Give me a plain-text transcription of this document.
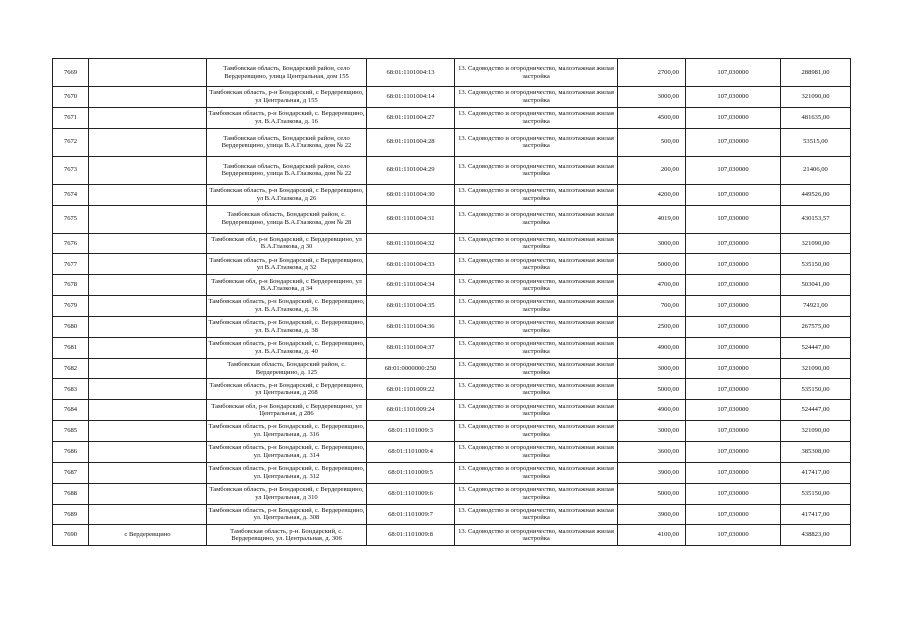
7669		Тамбовская область, Бондарский район, село Вердеревщино, улица Центральная, дом 155	68:01:1101004:13	13. Садоводство и огородничество, малоэтажная жилая застройка	2700,00	107,030000	288981,00
7670		Тамбовская область, р-н Бондарский, с Вердеревщино, ул Центральная, д 155	68:01:1101004:14	13. Садоводство и огородничество, малоэтажная жилая застройка	3000,00	107,030000	321090,00
7671		Тамбовская область, р-н Бондарский, с. Вердеревщино, ул. В.А.Глазкова, д. 16	68:01:1101004:27	13. Садоводство и огородничество, малоэтажная жилая застройка	4500,00	107,030000	481635,00
7672		Тамбовская область, Бондарский район, село Вердеревщино, улица В.А.Глазкова, дом № 22	68:01:1101004:28	13. Садоводство и огородничество, малоэтажная жилая застройка	500,00	107,030000	53515,00
7673		Тамбовская область, Бондарский район, село Вердеревщино, улица В.А.Глазкова, дом № 22	68:01:1101004:29	13. Садоводство и огородничество, малоэтажная жилая застройка	200,00	107,030000	21406,00
7674		Тамбовская область, р-н Бондарский, с Вердеревщино, ул В.А.Глазкова, д 26	68:01:1101004:30	13. Садоводство и огородничество, малоэтажная жилая застройка	4200,00	107,030000	449526,00
7675		Тамбовская область, Бондарский район, с. Вердеревщино, улица В.А.Глазкова, дом № 28	68:01:1101004:31	13. Садоводство и огородничество, малоэтажная жилая застройка	4019,00	107,030000	430153,57
7676		Тамбовская обл, р-н Бондарский, с Вердеревщино, ул В.А.Глазкова, д 30	68:01:1101004:32	13. Садоводство и огородничество, малоэтажная жилая застройка	3000,00	107,030000	321090,00
7677		Тамбовская область, р-н Бондарский, с Вердеревщино, ул В.А.Глазкова, д 32	68:01:1101004:33	13. Садоводство и огородничество, малоэтажная жилая застройка	5000,00	107,030000	535150,00
7678		Тамбовская обл, р-н Бондарский, с Вердеревщино, ул В.А.Глазкова, д 34	68:01:1101004:34	13. Садоводство и огородничество, малоэтажная жилая застройка	4700,00	107,030000	503041,00
7679		Тамбовская область, р-н Бондарский, с. Вердеревщино, ул. В.А.Глазкова, д. 36	68:01:1101004:35	13. Садоводство и огородничество, малоэтажная жилая застройка	700,00	107,030000	74921,00
7680		Тамбовская область, р-н Бондарский, с. Вердеревщино, ул. В.А.Глазкова, д. 38	68:01:1101004:36	13. Садоводство и огородничество, малоэтажная жилая застройка	2500,00	107,030000	267575,00
7681		Тамбовская область, р-н Бондарский, с. Вердеревщино, ул. В.А.Глазкова, д. 40	68:01:1101004:37	13. Садоводство и огородничество, малоэтажная жилая застройка	4900,00	107,030000	524447,00
7682		Тамбовская область, Бондарский район, с. Вердеревщино, д. 125	68:01:0000000:250	13. Садоводство и огородничество, малоэтажная жилая застройка	3000,00	107,030000	321090,00
7683		Тамбовская область, р-н Бондарский, с Вердеревщино, ул Центральная, д 268	68:01:1101009:22	13. Садоводство и огородничество, малоэтажная жилая застройка	5000,00	107,030000	535150,00
7684		Тамбовская обл, р-н Бондарский, с Вердеревщино, ул Центральная, д 286	68:01:1101009:24	13. Садоводство и огородничество, малоэтажная жилая застройка	4900,00	107,030000	524447,00
7685		Тамбовская область, р-н Бондарский, с. Вердеревщино, ул. Центральная, д. 316	68:01:1101009:3	13. Садоводство и огородничество, малоэтажная жилая застройка	3000,00	107,030000	321090,00
7686		Тамбовская область, р-н Бондарский, с. Вердеревщино, ул. Центральная, д. 314	68:01:1101009:4	13. Садоводство и огородничество, малоэтажная жилая застройка	3600,00	107,030000	385308,00
7687		Тамбовская область, р-н Бондарский, с. Вердеревщино, ул. Центральная, д. 312	68:01:1101009:5	13. Садоводство и огородничество, малоэтажная жилая застройка	3900,00	107,030000	417417,00
7688		Тамбовская область, р-н Бондарский, с Вердеревщино, ул Центральная, д 310	68:01:1101009:6	13. Садоводство и огородничество, малоэтажная жилая застройка	5000,00	107,030000	535150,00
7689		Тамбовская область, р-н Бондарский, с. Вердеревщино, ул. Центральная, д. 308	68:01:1101009:7	13. Садоводство и огородничество, малоэтажная жилая застройка	3900,00	107,030000	417417,00
7690	с Вердеревщино	Тамбовская область, р-н. Бондарский, с. Вердеревщино, ул. Центральная, д. 306	68:01:1101009:8	13. Садоводство и огородничество, малоэтажная жилая застройка	4100,00	107,030000	438823,00
